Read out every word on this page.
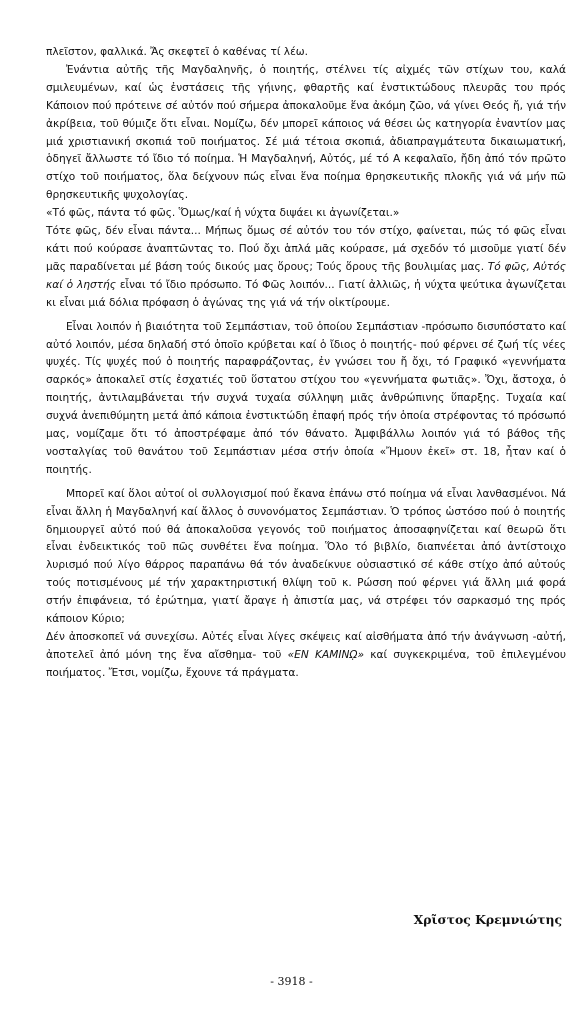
πλεῖστον, φαλλικά. Ἄς σκεφτεῖ ὁ καθένας τί λέω.

Ἐνάντια αὐτῆς τῆς Μαγδαληνῆς, ὁ ποιητής, στέλνει τίς αἰχμές τῶν στίχων του, καλά σμιλευμένων, καί ὡς ἐνστάσεις τῆς γήινης, φθαρτῆς καί ἐνστικτώδους πλευρᾶς του πρός Κάποιον πού πρότεινε σέ αὐτόν πού σήμερα ἀποκαλοῦμε ἕνα ἀκόμη ζῶο, νά γίνει Θεός ἤ, γιά τήν ἀκρίβεια, τοῦ θύμιζε ὅτι εἶναι. Νομίζω, δέν μπορεῖ κάποιος νά θέσει ὡς κατηγορία ἐναντίον μας μιά χριστιανική σκοπιά τοῦ ποιήματος. Σέ μιά τέτοια σκοπιά, ἀδιαπραγμάτευτα δικαιωματική, ὁδηγεῖ ἄλλωστε τό ἴδιο τό ποίημα. Ἡ Μαγδαληνή, Αὐτός, μέ τό Α κεφαλαῖο, ἤδη ἀπό τόν πρῶτο στίχο τοῦ ποιήματος, ὅλα δείχνουν πώς εἶναι ἕνα ποίημα θρησκευτικῆς πλοκῆς γιά νά μήν πῶ θρησκευτικῆς ψυχολογίας.

«Τό φῶς, πάντα τό φῶς. Ὅμως/καί ἡ νύχτα διψάει κι ἀγωνίζεται.»

Τότε φῶς, δέν εἶναι πάντα... Μήπως ὅμως σέ αὐτόν του τόν στίχο, φαίνεται, πώς τό φῶς εἶναι κάτι πού κούρασε ἀναπτῶντας το. Πού ὄχι ἁπλά μᾶς κούρασε, μά σχεδόν τό μισοῦμε γιατί δέν μᾶς παραδίνεται μέ βάση τούς δικούς μας ὅρους; Τούς ὅρους τῆς βουλιμίας μας. Τό φῶς, Αὐτός καί ὁ ληστής εἶναι τό ἴδιο πρόσωπο. Τό Φῶς λοιπόν... Γιατί ἀλλιῶς, ἡ νύχτα ψεύτικα ἀγωνίζεται κι εἶναι μιά δόλια πρόφαση ὁ ἀγώνας της γιά νά τήν οἰκτίρουμε.

Εἶναι λοιπόν ἡ βιαιότητα τοῦ Σεμπάστιαν, τοῦ ὁποίου Σεμπάστιαν -πρόσωπο δισυπόστατο καί αὐτό λοιπόν, μέσα δηλαδή στό ὁποῖο κρύβεται καί ὁ ἴδιος ὁ ποιητής- πού φέρνει σέ ζωή τίς νέες ψυχές. Τίς ψυχές πού ὁ ποιητής παραφράζοντας, ἐν γνώσει του ἤ ὄχι, τό Γραφικό «γεννήματα σαρκός» ἀποκαλεῖ στίς ἐσχατιές τοῦ ὕστατου στίχου του «γεννήματα φωτιᾶς». Ὄχι, ἄστοχα, ὁ ποιητής, ἀντιλαμβάνεται τήν συχνά τυχαία σύλληψη μιᾶς ἀνθρώπινης ὕπαρξης. Τυχαία καί συχνά ἀνεπιθύμητη μετά ἀπό κάποια ἐνστικτώδη ἐπαφή πρός τήν ὁποία στρέφοντας τό πρόσωπό μας, νομίζαμε ὅτι τό ἀποστρέφαμε ἀπό τόν θάνατο. Ἀμφιβάλλω λοιπόν γιά τό βάθος τῆς νοσταλγίας τοῦ θανάτου τοῦ Σεμπάστιαν μέσα στήν ὁποία «Ἤμουν ἐκεῖ» στ. 18, ἦταν καί ὁ ποιητής.

Μπορεῖ καί ὅλοι αὐτοί οἱ συλλογισμοί πού ἔκανα ἐπάνω στό ποίημα νά εἶναι λανθασμένοι. Νά εἶναι ἄλλη ἡ Μαγδαληνή καί ἄλλος ὁ συνονόματος Σεμπάστιαν. Ὁ τρόπος ὡστόσο πού ὁ ποιητής δημιουργεῖ αὐτό πού θά ἀποκαλοῦσα γεγονός τοῦ ποιήματος ἀποσαφηνίζεται καί θεωρῶ ὅτι εἶναι ἐνδεικτικός τοῦ πῶς συνθέτει ἕνα ποίημα. Ὅλο τό βιβλίο, διαπνέεται ἀπό ἀντίστοιχο λυρισμό πού λίγο θάρρος παραπάνω θά τόν ἀναδείκνυε οὐσιαστικό σέ κάθε στίχο ἀπό αὐτούς τούς ποτισμένους μέ τήν χαρακτηριστική θλίψη τοῦ κ. Ρώσση πού φέρνει γιά ἄλλη μιά φορά στήν ἐπιφάνεια, τό ἐρώτημα, γιατί ἄραγε ἡ ἀπιστία μας, νά στρέφει τόν σαρκασμό της πρός κάποιον Κύριο;

Δέν ἀποσκοπεῖ νά συνεχίσω. Αὐτές εἶναι λίγες σκέψεις καί αἰσθήματα ἀπό τήν ἀνάγνωση -αὐτή, ἀποτελεῖ ἀπό μόνη της ἕνα αἴσθημα- τοῦ «ΕΝ ΚΑΜΙΝῼ» καί συγκεκριμένα, τοῦ ἐπιλεγμένου ποιήματος. Ἔτσι, νομίζω, ἔχουνε τά πράγματα.

Χρῖστος Κρεμνιώτης
- 3918 -
